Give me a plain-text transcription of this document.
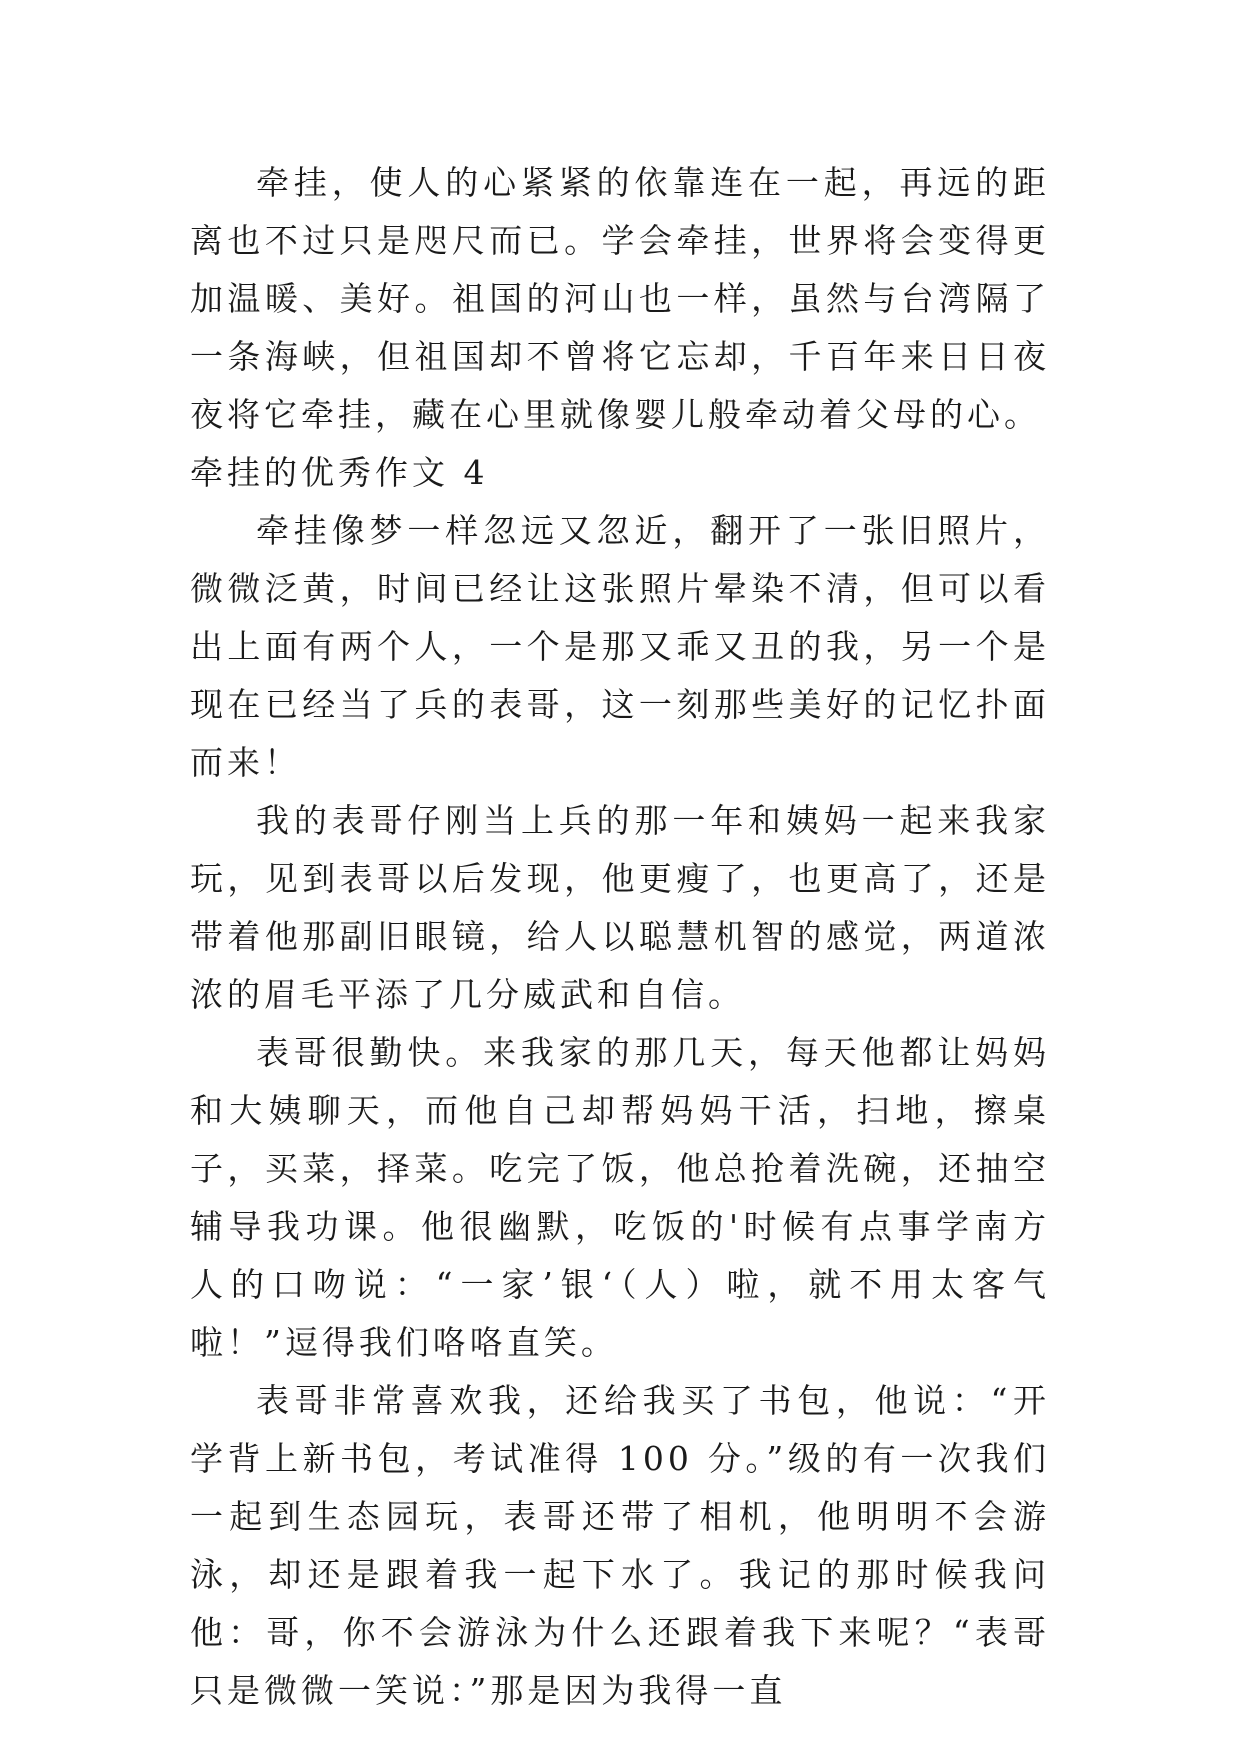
牵挂，使人的心紧紧的依靠连在一起，再远的距离也不过只是咫尺而已。学会牵挂，世界将会变得更加温暖、美好。祖国的河山也一样，虽然与台湾隔了一条海峡，但祖国却不曾将它忘却，千百年来日日夜夜将它牵挂，藏在心里就像婴儿般牵动着父母的心。

牵挂的优秀作文 4

牵挂像梦一样忽远又忽近，翻开了一张旧照片，微微泛黄，时间已经让这张照片晕染不清，但可以看出上面有两个人，一个是那又乖又丑的我，另一个是现在已经当了兵的表哥，这一刻那些美好的记忆扑面而来！

我的表哥仔刚当上兵的那一年和姨妈一起来我家玩，见到表哥以后发现，他更瘦了，也更高了，还是带着他那副旧眼镜，给人以聪慧机智的感觉，两道浓浓的眉毛平添了几分威武和自信。

表哥很勤快。来我家的那几天，每天他都让妈妈和大姨聊天，而他自己却帮妈妈干活，扫地，擦桌子，买菜，择菜。吃完了饭，他总抢着洗碗，还抽空辅导我功课。他很幽默，吃饭的'时候有点事学南方人的口吻说：“一家’银‘（人）啦，就不用太客气啦！”逗得我们咯咯直笑。

表哥非常喜欢我，还给我买了书包，他说：“开学背上新书包，考试准得 100 分。”级的有一次我们一起到生态园玩，表哥还带了相机，他明明不会游泳，却还是跟着我一起下水了。我记的那时候我问他：哥，你不会游泳为什么还跟着我下来呢？“表哥只是微微一笑说：”那是因为我得一直
